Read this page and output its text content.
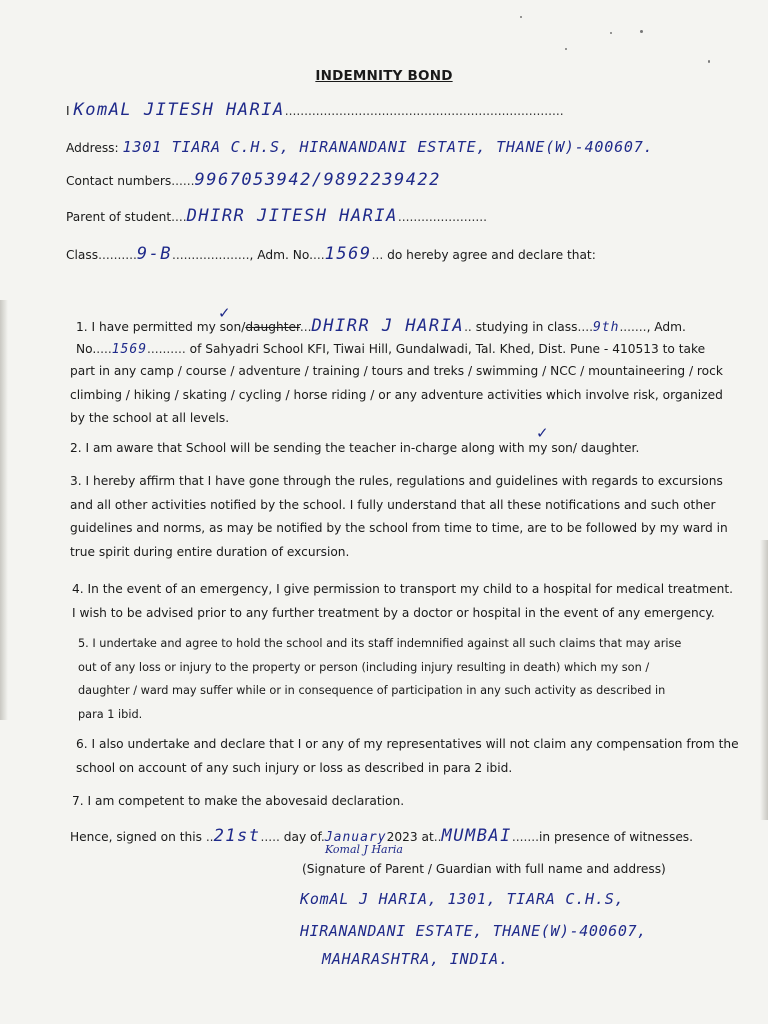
INDEMNITY BOND
I KomAL JITESH HARIA........................................................................
Address: 1301 TIARA C.H.S, HIRANANDANI ESTATE, THANE(W)-400607.
Contact numbers......9967053942/9892239422
Parent of student....DHIRR JITESH HARIA.......................
Class..........9-B...................., Adm. No....1569... do hereby agree and declare that:
✓
1. I have permitted my son/daughter...DHIRR J HARIA.. studying in class....9th......., Adm.
No.....1569.......... of Sahyadri School KFI, Tiwai Hill, Gundalwadi, Tal. Khed, Dist. Pune - 410513 to take
part in any camp / course / adventure / training / tours and treks / swimming / NCC / mountaineering / rock
climbing / hiking / skating / cycling / horse riding / or any adventure activities which involve risk, organized
by the school at all levels.
✓
2. I am aware that School will be sending the teacher in-charge along with my son/ daughter.
3. I hereby affirm that I have gone through the rules, regulations and guidelines with regards to excursions
and all other activities notified by the school. I fully understand that all these notifications and such other
guidelines and norms, as may be notified by the school from time to time, are to be followed by my ward in
true spirit during entire duration of excursion.
4. In the event of an emergency, I give permission to transport my child to a hospital for medical treatment.
I wish to be advised prior to any further treatment by a doctor or hospital in the event of any emergency.
5. I undertake and agree to hold the school and its staff indemnified against all such claims that may arise
out of any loss or injury to the property or person (including injury resulting in death) which my son /
daughter / ward may suffer while or in consequence of participation in any such activity as described in
para 1 ibid.
6. I also undertake and declare that I or any of my representatives will not claim any compensation from the
school on account of any such injury or loss as described in para 2 ibid.
7. I am competent to make the abovesaid declaration.
Hence, signed on this ..21st..... day of.January2023 at..MUMBAI.......in presence of witnesses.
Komal J Haria
(Signature of Parent / Guardian with full name and address)
KomAL J HARIA, 1301, TIARA C.H.S,
HIRANANDANI ESTATE, THANE(W)-400607,
MAHARASHTRA, INDIA.
